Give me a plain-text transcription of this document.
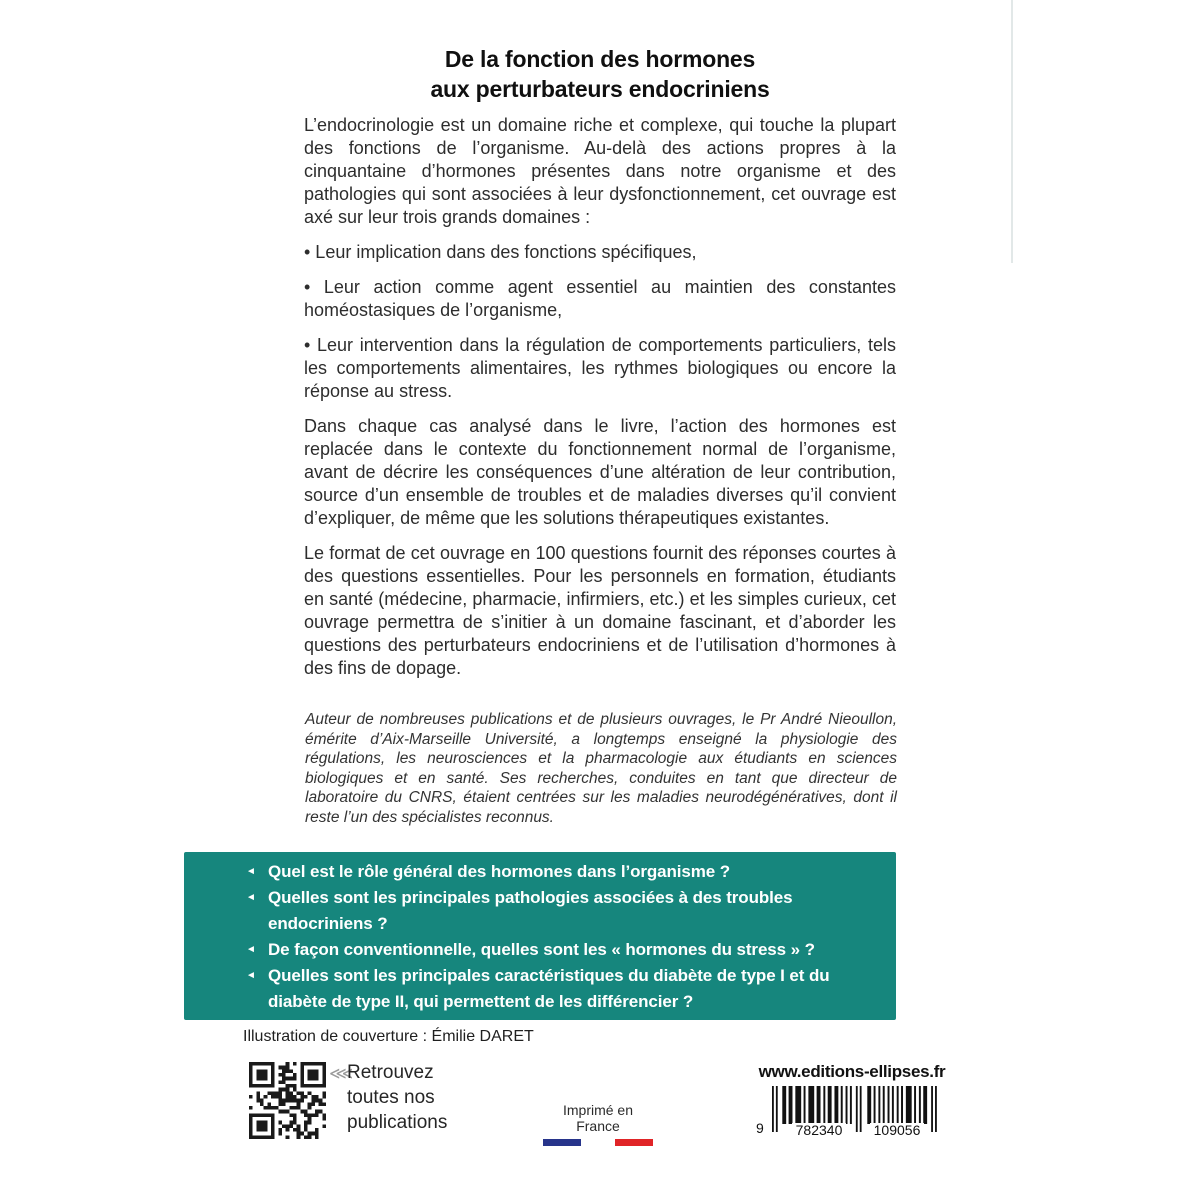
De la fonction des hormones
aux perturbateurs endocriniens

L’endocrinologie est un domaine riche et complexe, qui touche la plupart des fonctions de l’organisme. Au-delà des actions propres à la cinquantaine d’hormones présentes dans notre organisme et des pathologies qui sont associées à leur dysfonctionnement, cet ouvrage est axé sur leur trois grands domaines :

• Leur implication dans des fonctions spécifiques,

• Leur action comme agent essentiel au maintien des constantes homéostasiques de l’organisme,

• Leur intervention dans la régulation de comportements particuliers, tels les comportements alimentaires, les rythmes biologiques ou encore la réponse au stress.

Dans chaque cas analysé dans le livre, l’action des hormones est replacée dans le contexte du fonctionnement normal de l’organisme, avant de décrire les conséquences d’une altération de leur contribution, source d’un ensemble de troubles et de maladies diverses qu’il convient d’expliquer, de même que les solutions thérapeutiques existantes.

Le format de cet ouvrage en 100 questions fournit des réponses courtes à des questions essentielles. Pour les personnels en formation, étudiants en santé (médecine, pharmacie, infirmiers, etc.) et les simples curieux, cet ouvrage permettra de s’initier à un domaine fascinant, et d’aborder les questions des perturbateurs endocriniens et de l’utilisation d’hormones à des fins de dopage.

Auteur de nombreuses publications et de plusieurs ouvrages, le Pr André Nieoullon, émérite d’Aix-Marseille Université, a longtemps enseigné la physiologie des régulations, les neurosciences et la pharmacologie aux étudiants en sciences biologiques et en santé. Ses recherches, conduites en tant que directeur de laboratoire du CNRS, étaient centrées sur les maladies neurodégénératives, dont il reste l’un des spécialistes reconnus.

◄
Quel est le rôle général des hormones dans l’organisme ?
◄
Quelles sont les principales pathologies associées à des troubles endocriniens ?
◄
De façon conventionnelle, quelles sont les « hormones du stress » ?
◄
Quelles sont les principales caractéristiques du diabète de type I et du diabète de type II, qui permettent de les différencier ?
Illustration de couverture : Émilie DARET
⋘
Retrouvez
toutes nos
publications
Imprimé en France
www.editions-ellipses.fr
9 782340 109056
